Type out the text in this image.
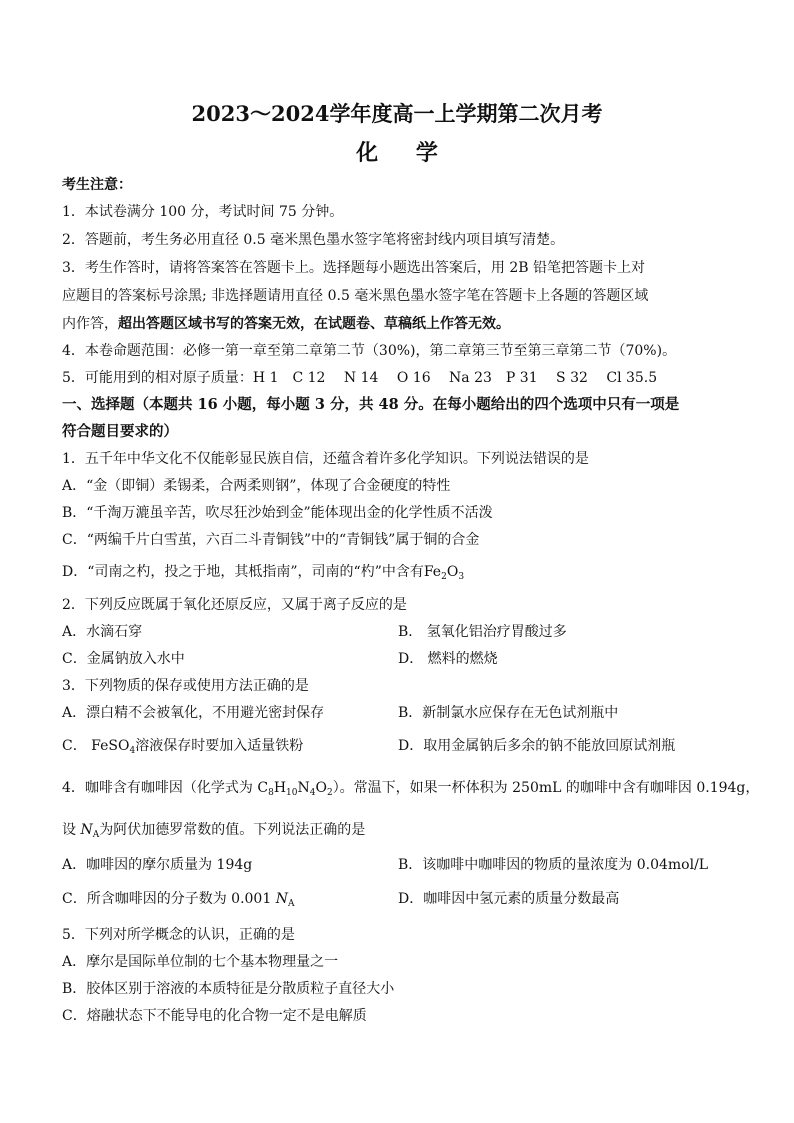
2023～2024学年度高一上学期第二次月考
化 学
考生注意：
1．本试卷满分 100 分，考试时间 75 分钟。
2．答题前，考生务必用直径 0.5 毫米黑色墨水签字笔将密封线内项目填写清楚。
3．考生作答时，请将答案答在答题卡上。选择题每小题选出答案后，用 2B 铅笔把答题卡上对
应题目的答案标号涂黑; 非选择题请用直径 0.5 毫米黑色墨水签字笔在答题卡上各题的答题区域
内作答，超出答题区域书写的答案无效，在试题卷、草稿纸上作答无效。
4．本卷命题范围：必修一第一章至第二章第二节（30%)，第二章第三节至第三章第二节（70%)。
5．可能用到的相对原子质量：H 1　C 12　 N 14　 O 16　 Na 23　P 31　 S 32　 Cl 35.5
一、选择题（本题共 16 小题，每小题 3 分，共 48 分。在每小题给出的四个选项中只有一项是
符合题目要求的）
1．五千年中华文化不仅能彰显民族自信，还蕴含着许多化学知识。下列说法错误的是
A．“金（即铜）柔锡柔，合两柔则钢”，体现了合金硬度的特性
B．“千淘万漉虽辛苦，吹尽狂沙始到金”能体现出金的化学性质不活泼
C．“两编千片白雪茧，六百二斗青铜钱”中的“青铜钱”属于铜的合金
D．“司南之杓，投之于地，其柢指南”，司南的“杓”中含有$Fe_2O_3$
2．下列反应既属于氧化还原反应，又属于离子反应的是
A．水滴石穿	B． 氢氧化铝治疗胃酸过多
C．金属钠放入水中	D． 燃料的燃烧
3．下列物质的保存或使用方法正确的是
A．漂白精不会被氧化，不用避光密封保存	B．新制氯水应保存在无色试剂瓶中
C． FeSO$_4$溶液保存时要加入适量铁粉	D．取用金属钠后多余的钠不能放回原试剂瓶
4．咖啡含有咖啡因（化学式为 $C_8H_{10}N_4O_2$）。常温下，如果一杯体积为 250mL 的咖啡中含有咖啡因 0.194g，
设 $N_A$为阿伏加德罗常数的值。下列说法正确的是
A．咖啡因的摩尔质量为 194g	B．该咖啡中咖啡因的物质的量浓度为 0.04mol/L
C．所含咖啡因的分子数为 0.001 $N_A$	D．咖啡因中氢元素的质量分数最高
5．下列对所学概念的认识，正确的是
A．摩尔是国际单位制的七个基本物理量之一
B．胶体区别于溶液的本质特征是分散质粒子直径大小
C．熔融状态下不能导电的化合物一定不是电解质
